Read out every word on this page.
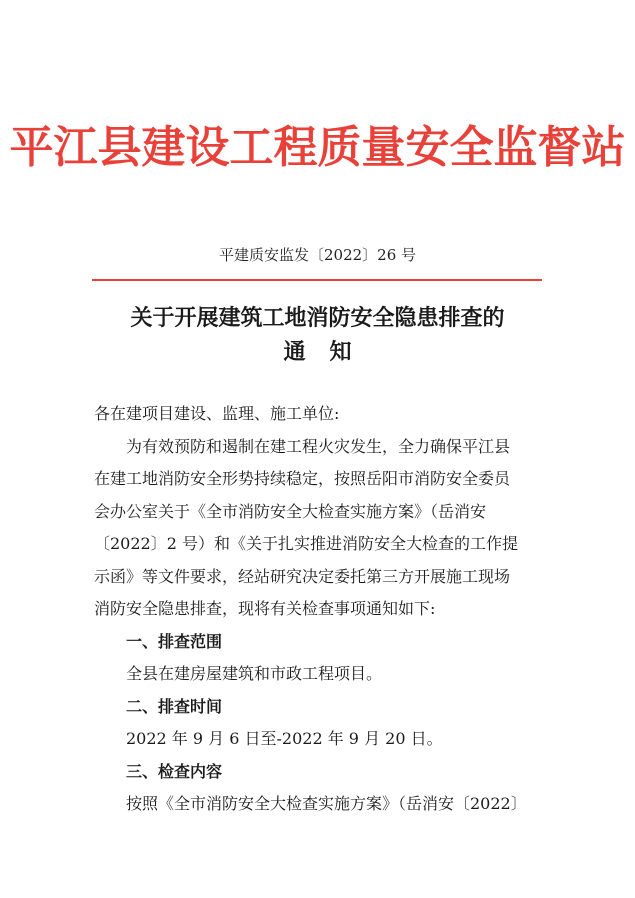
平江县建设工程质量安全监督站
平建质安监发〔2022〕26 号
关于开展建筑工地消防安全隐患排查的
通知

各在建项目建设、监理、施工单位:

为有效预防和遏制在建工程火灾发生，全力确保平江县

在建工地消防安全形势持续稳定，按照岳阳市消防安全委员

会办公室关于《全市消防安全大检查实施方案》（岳消安

〔2022〕2 号）和《关于扎实推进消防安全大检查的工作提

示函》等文件要求，经站研究决定委托第三方开展施工现场

消防安全隐患排查，现将有关检查事项通知如下:

一、排查范围

全县在建房屋建筑和市政工程项目。

二、排查时间

2022 年 9 月 6 日至-2022 年 9 月 20 日。

三、检查内容

按照《全市消防安全大检查实施方案》（岳消安〔2022〕
